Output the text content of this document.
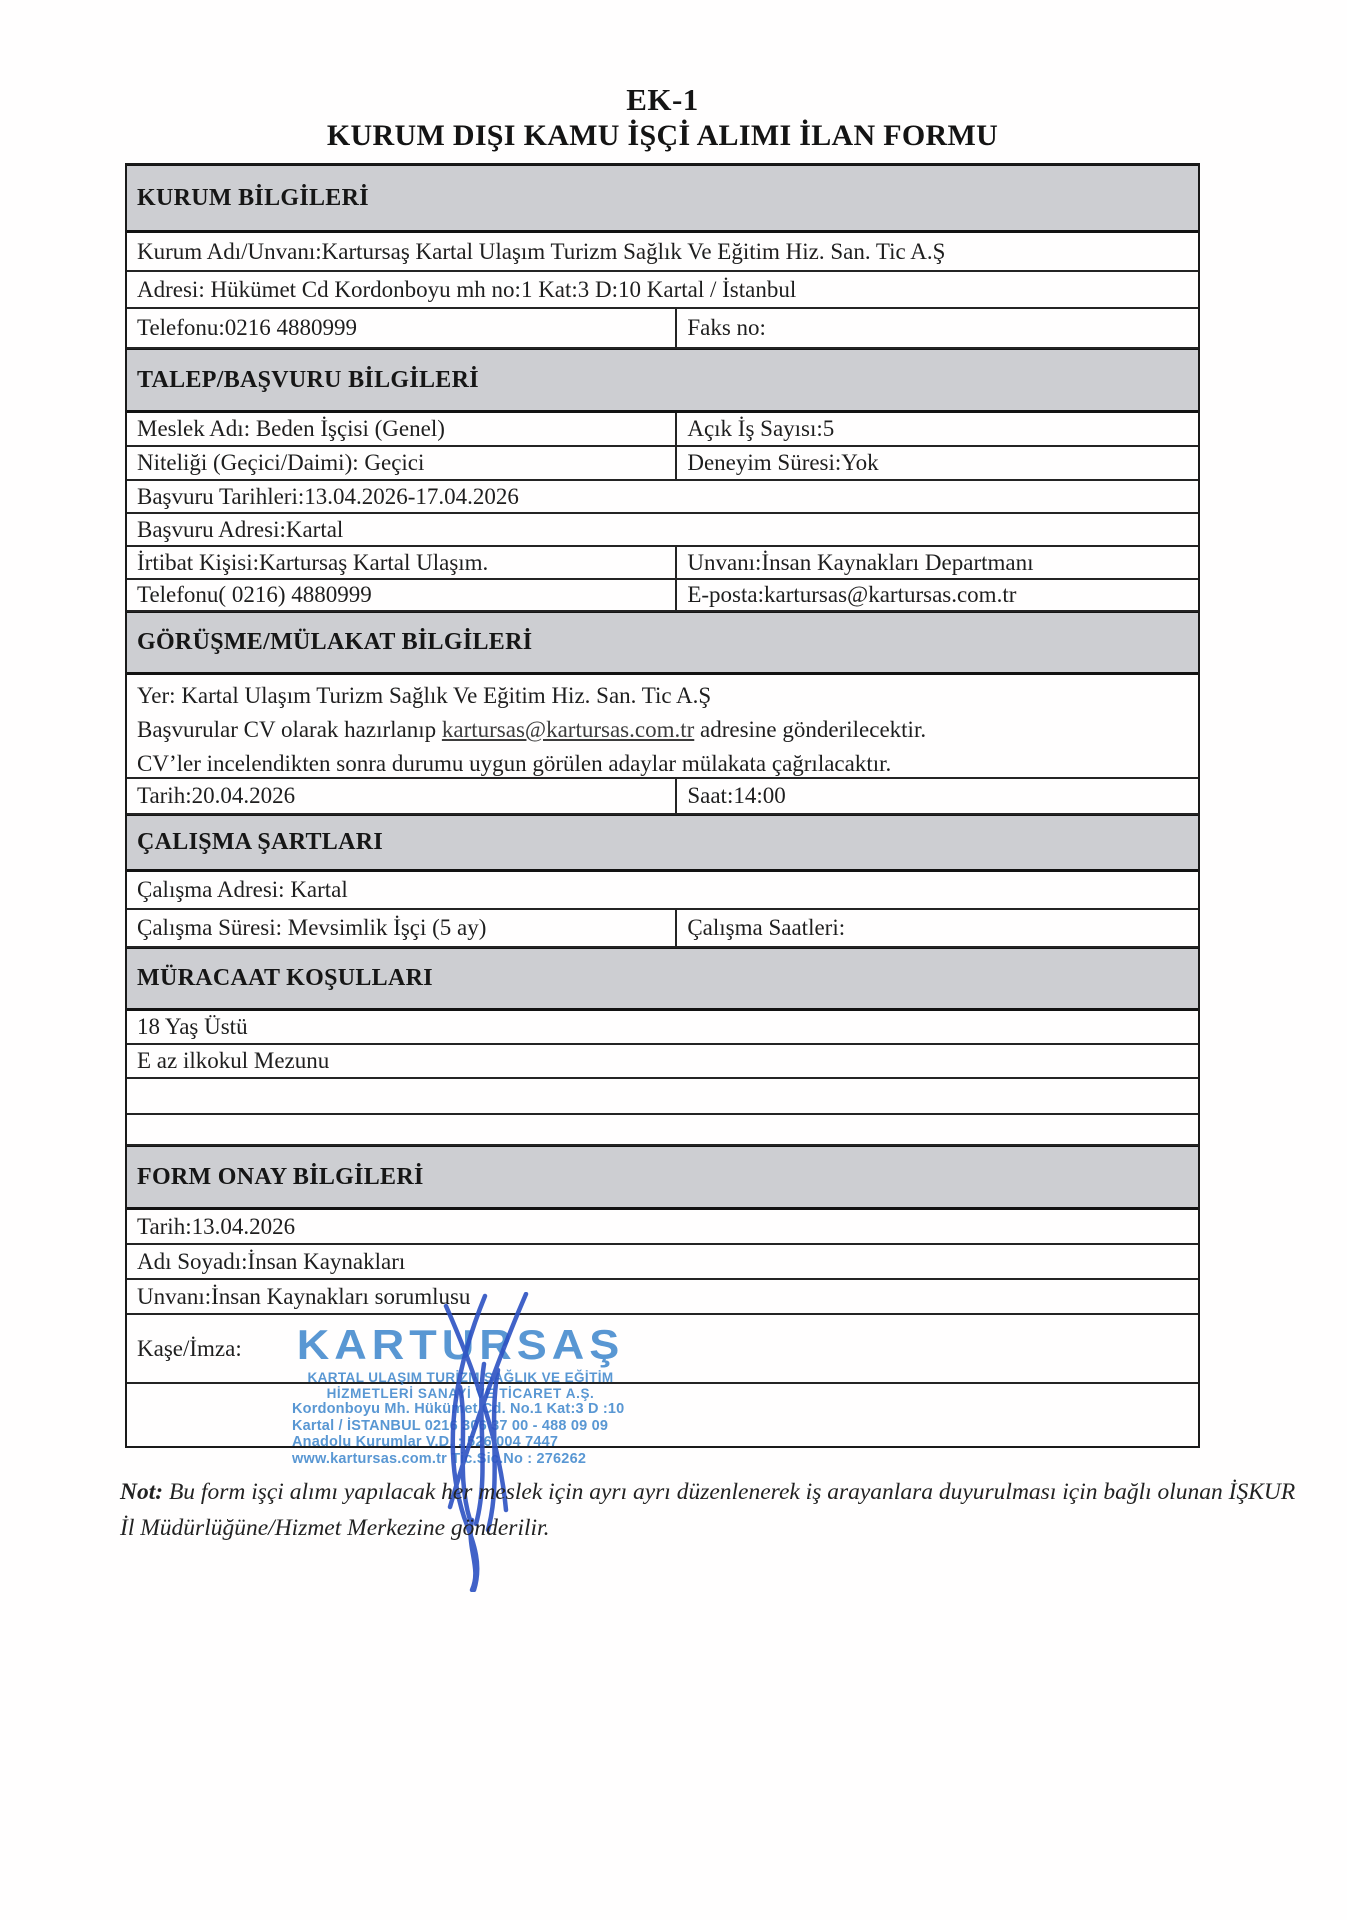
EK-1
KURUM DIŞI KAMU İŞÇİ ALIMI İLAN FORMU
KURUM BİLGİLERİ
Kurum Adı/Unvanı:Kartursaş Kartal Ulaşım Turizm Sağlık Ve Eğitim Hiz. San. Tic A.Ş
Adresi: Hükümet Cd Kordonboyu mh no:1 Kat:3 D:10 Kartal / İstanbul
Telefonu:0216 4880999	Faks no:
TALEP/BAŞVURU BİLGİLERİ
Meslek Adı: Beden İşçisi (Genel)	Açık İş Sayısı:5
Niteliği (Geçici/Daimi): Geçici	Deneyim Süresi:Yok
Başvuru Tarihleri:13.04.2026-17.04.2026
Başvuru Adresi:Kartal
İrtibat Kişisi:Kartursaş Kartal Ulaşım.	Unvanı:İnsan Kaynakları Departmanı
Telefonu( 0216) 4880999	E-posta:kartursas@kartursas.com.tr
GÖRÜŞME/MÜLAKAT BİLGİLERİ
Yer: Kartal Ulaşım Turizm Sağlık Ve Eğitim Hiz. San. Tic A.Ş
Başvurular CV olarak hazırlanıp kartursas@kartursas.com.tr adresine gönderilecektir.
CV’ler incelendikten sonra durumu uygun görülen adaylar mülakata çağrılacaktır.
Tarih:20.04.2026	Saat:14:00
ÇALIŞMA ŞARTLARI
Çalışma Adresi: Kartal
Çalışma Süresi: Mevsimlik İşçi (5 ay)	Çalışma Saatleri:
MÜRACAAT KOŞULLARI
18 Yaş Üstü
E az ilkokul Mezunu
FORM ONAY BİLGİLERİ
Tarih:13.04.2026
Adı Soyadı:İnsan Kaynakları
Unvanı:İnsan Kaynakları sorumlusu
Kaşe/İmza:	KARTURSAŞ
KARTAL ULAŞIM TURİZM SAĞLIK VE EĞİTİM
HİZMETLERİ SANAYİ VE TİCARET A.Ş.
Kordonboyu Mh. Hükümet Cd. No.1 Kat:3 D :10
Kartal / İSTANBUL 0216 306 37 00 - 488 09 09
Anadolu Kurumlar V.D. : 526 004 7447
www.kartursas.com.tr Tic.Sic.No : 276262
Not: Bu form işçi alımı yapılacak her meslek için ayrı ayrı düzenlenerek iş arayanlara duyurulması için bağlı olunan İŞKUR İl Müdürlüğüne/Hizmet Merkezine gönderilir.
